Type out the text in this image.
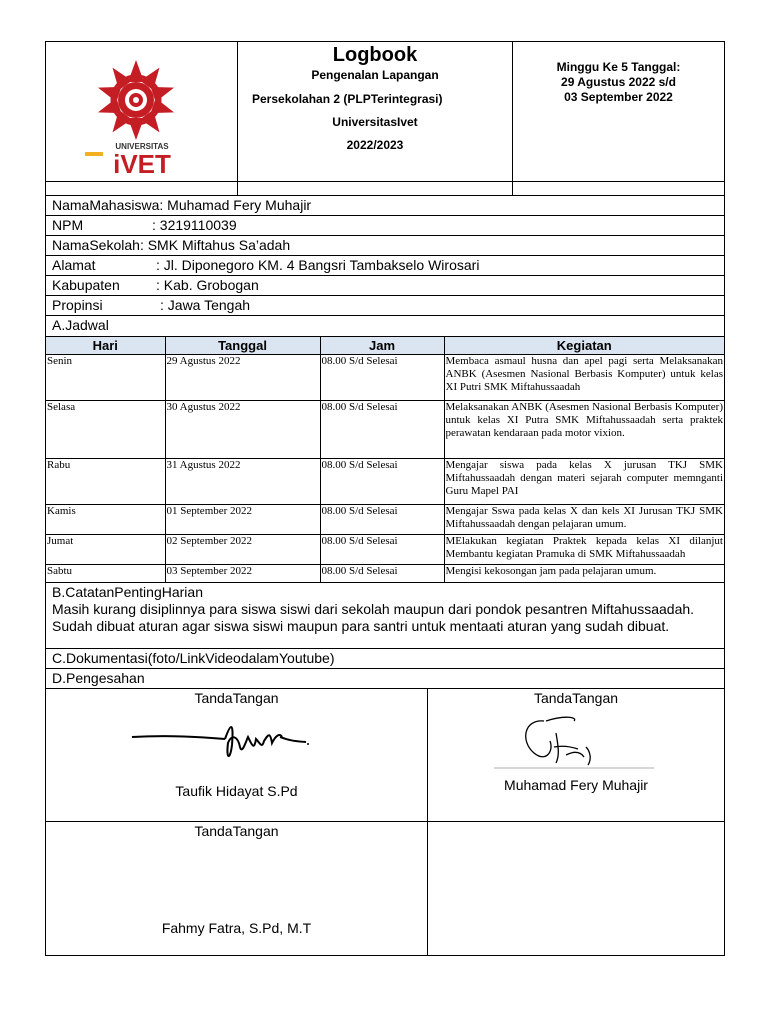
UNIVERSITAS
iVET
Logbook
Pengenalan Lapangan
Persekolahan 2 (PLPTerintegrasi)
UniversitasIvet
2022/2023
Minggu Ke 5 Tanggal:
29 Agustus 2022 s/d
03 September 2022
NamaMahasiswa: Muhamad Fery Muhajir
NPM	: 3219110039
NamaSekolah: SMK Miftahus Sa’adah
Alamat	: Jl. Diponegoro KM. 4 Bangsri Tambakselo Wirosari
Kabupaten	: Kab. Grobogan
Propinsi	: Jawa Tengah
A.Jadwal
Hari	Tanggal	Jam	Kegiatan
Senin	29 Agustus 2022	08.00 S/d Selesai	Membaca asmaul husna dan apel pagi serta Melaksanakan ANBK (Asesmen Nasional Berbasis Komputer) untuk kelas XI Putri SMK Miftahussaadah
Selasa	30 Agustus 2022	08.00 S/d Selesai	Melaksanakan ANBK (Asesmen Nasional Berbasis Komputer) untuk kelas XI Putra SMK Miftahussaadah serta praktek perawatan kendaraan pada motor vixion.
Rabu	31 Agustus 2022	08.00 S/d Selesai	Mengajar siswa pada kelas X jurusan TKJ SMK Miftahussaadah dengan materi sejarah computer memnganti Guru Mapel PAI
Kamis	01 September 2022	08.00 S/d Selesai	Mengajar Sswa pada kelas X dan kels XI Jurusan TKJ SMK Miftahussaadah dengan pelajaran umum.
Jumat	02 September 2022	08.00 S/d Selesai	MElakukan kegiatan Praktek kepada kelas XI dilanjut Membantu kegiatan Pramuka di SMK Miftahussaadah
Sabtu	03 September 2022	08.00 S/d Selesai	Mengisi kekosongan jam pada pelajaran umum.
B.CatatanPentingHarian
Masih kurang disiplinnya para siswa siswi dari sekolah maupun dari pondok pesantren Miftahussaadah.
Sudah dibuat aturan agar siswa siswi maupun para santri untuk mentaati aturan yang sudah dibuat.
C.Dokumentasi(foto/LinkVideodalamYoutube)
D.Pengesahan
TandaTangan
Taufik Hidayat S.Pd
TandaTangan
Muhamad Fery Muhajir
TandaTangan
Fahmy Fatra, S.Pd, M.T
